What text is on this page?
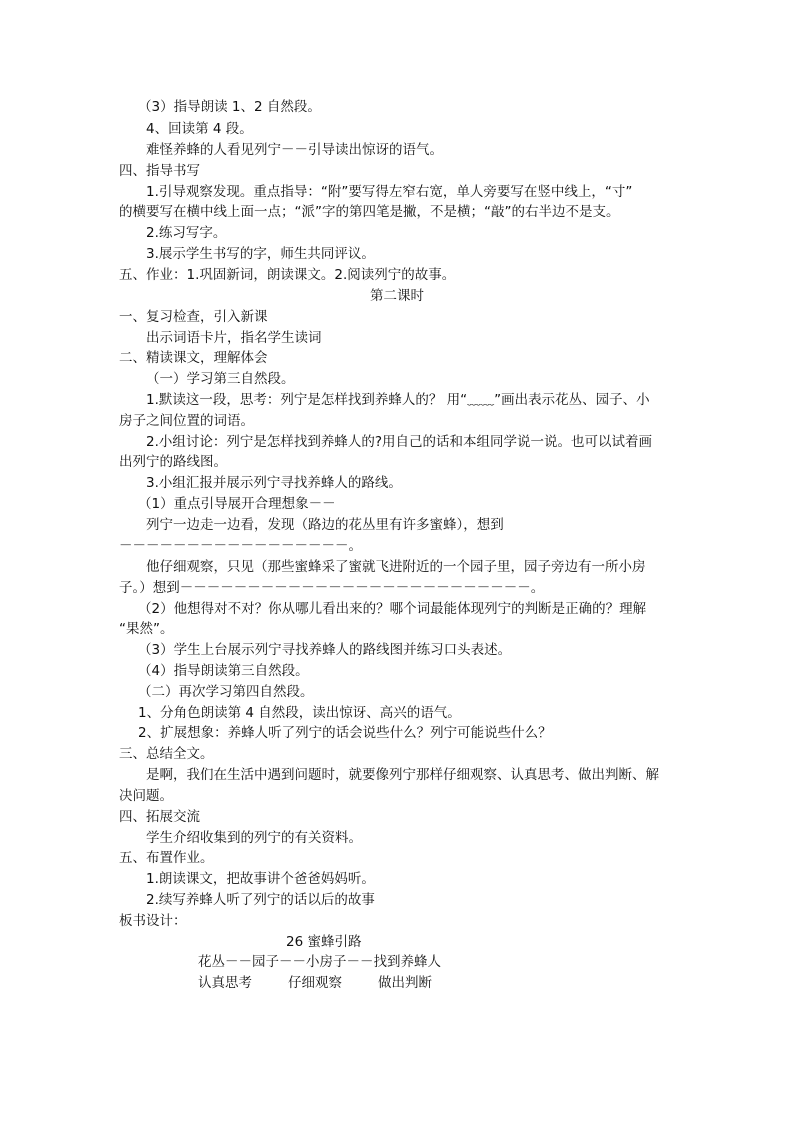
（3）指导朗读 1、2 自然段。
4、回读第 4 段。
难怪养蜂的人看见列宁－－引导读出惊讶的语气。
四、指导书写
1.引导观察发现。重点指导：“附”要写得左窄右宽，单人旁要写在竖中线上，“寸”
的横要写在横中线上面一点；“派”字的第四笔是撇，不是横；“敲”的右半边不是支。
2.练习写字。
3.展示学生书写的字，师生共同评议。
五、作业：1.巩固新词，朗读课文。2.阅读列宁的故事。
第二课时
一、复习检查，引入新课
出示词语卡片，指名学生读词
二、精读课文，理解体会
（一）学习第三自然段。
1.默读这一段，思考：列宁是怎样找到养蜂人的？ 用“﹏﹏”画出表示花丛、园子、小
房子之间位置的词语。
2.小组讨论：列宁是怎样找到养蜂人的?用自己的话和本组同学说一说。也可以试着画
出列宁的路线图。
3.小组汇报并展示列宁寻找养蜂人的路线。
（1）重点引导展开合理想象－－
列宁一边走一边看，发现（路边的花丛里有许多蜜蜂），想到
－－－－－－－－－－－－－－－－－。
他仔细观察，只见（那些蜜蜂采了蜜就飞进附近的一个园子里，园子旁边有一所小房
子。）想到－－－－－－－－－－－－－－－－－－－－－－－－－－。
（2）他想得对不对？你从哪儿看出来的？哪个词最能体现列宁的判断是正确的？理解
“果然”。
（3）学生上台展示列宁寻找养蜂人的路线图并练习口头表述。
（4）指导朗读第三自然段。
（二）再次学习第四自然段。
1、分角色朗读第 4 自然段，读出惊讶、高兴的语气。
2、扩展想象：养蜂人听了列宁的话会说些什么？列宁可能说些什么？
三、总结全文。
是啊，我们在生活中遇到问题时，就要像列宁那样仔细观察、认真思考、做出判断、解
决问题。
四、拓展交流
学生介绍收集到的列宁的有关资料。
五、布置作业。
1.朗读课文，把故事讲个爸爸妈妈听。
2.续写养蜂人听了列宁的话以后的故事
板书设计：
26 蜜蜂引路
花丛－－园子－－小房子－－找到养蜂人
认真思考	仔细观察	做出判断
